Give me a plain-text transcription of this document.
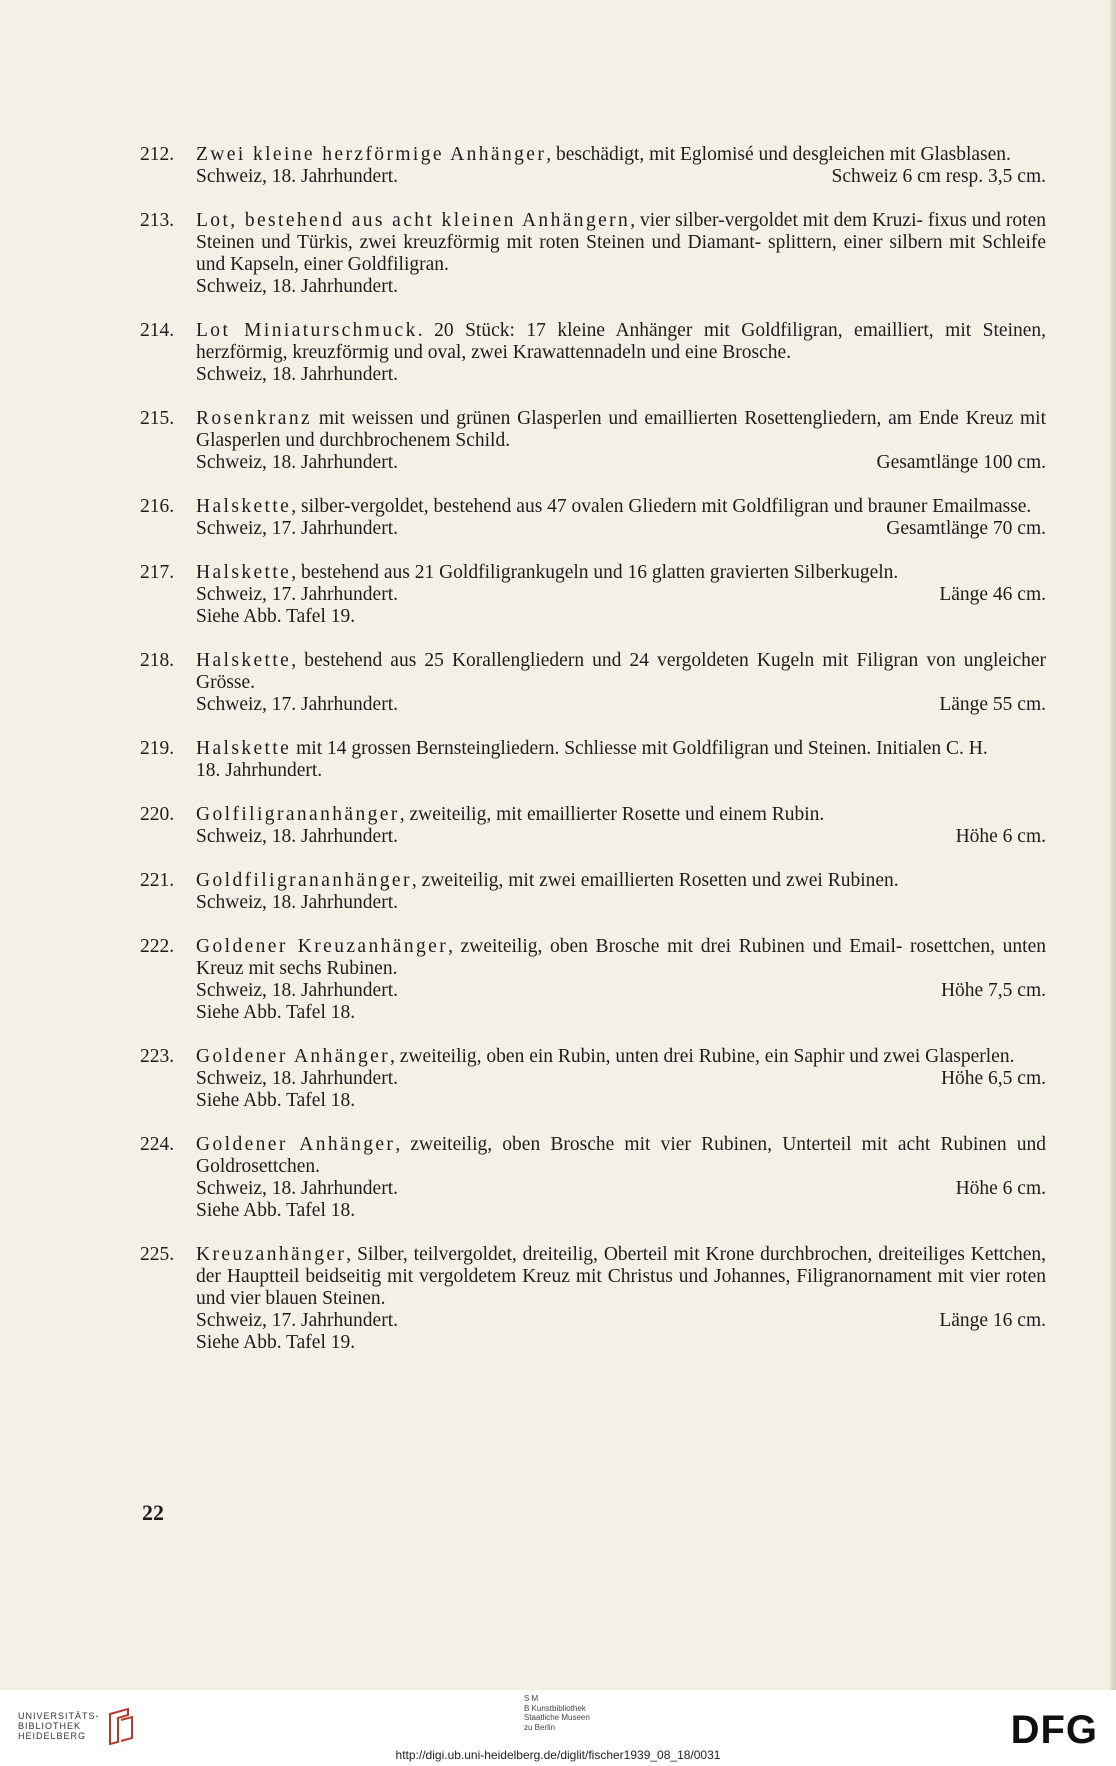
212. Zwei kleine herzförmige Anhänger, beschädigt, mit Eglomisé und desgleichen mit Glasblasen.
Schweiz, 18. Jahrhundert.	Schweiz 6 cm resp. 3,5 cm.
213. Lot, bestehend aus acht kleinen Anhängern, vier silber-vergoldet mit dem Kruzi- fixus und roten Steinen und Türkis, zwei kreuzförmig mit roten Steinen und Diamant- splittern, einer silbern mit Schleife und Kapseln, einer Goldfiligran.
Schweiz, 18. Jahrhundert.
214. Lot Miniaturschmuck. 20 Stück: 17 kleine Anhänger mit Goldfiligran, emailliert, mit Steinen, herzförmig, kreuzförmig und oval, zwei Krawattennadeln und eine Brosche.
Schweiz, 18. Jahrhundert.
215. Rosenkranz mit weissen und grünen Glasperlen und emaillierten Rosettengliedern, am Ende Kreuz mit Glasperlen und durchbrochenem Schild.
Schweiz, 18. Jahrhundert.	Gesamtlänge 100 cm.
216. Halskette, silber-vergoldet, bestehend aus 47 ovalen Gliedern mit Goldfiligran und brauner Emailmasse.
Schweiz, 17. Jahrhundert.	Gesamtlänge 70 cm.
217. Halskette, bestehend aus 21 Goldfiligrankugeln und 16 glatten gravierten Silberkugeln.
Schweiz, 17. Jahrhundert.	Länge 46 cm.
Siehe Abb. Tafel 19.
218. Halskette, bestehend aus 25 Korallengliedern und 24 vergoldeten Kugeln mit Filigran von ungleicher Grösse.
Schweiz, 17. Jahrhundert.	Länge 55 cm.
219. Halskette mit 14 grossen Bernsteingliedern. Schliesse mit Goldfiligran und Steinen. Initialen C. H.
18. Jahrhundert.
220. Golfiligrananhänger, zweiteilig, mit emaillierter Rosette und einem Rubin.
Schweiz, 18. Jahrhundert.	Höhe 6 cm.
221. Goldfiligrananhänger, zweiteilig, mit zwei emaillierten Rosetten und zwei Rubinen.
Schweiz, 18. Jahrhundert.
222. Goldener Kreuzanhänger, zweiteilig, oben Brosche mit drei Rubinen und Email- rosettchen, unten Kreuz mit sechs Rubinen.
Schweiz, 18. Jahrhundert.	Höhe 7,5 cm.
Siehe Abb. Tafel 18.
223. Goldener Anhänger, zweiteilig, oben ein Rubin, unten drei Rubine, ein Saphir und zwei Glasperlen.
Schweiz, 18. Jahrhundert.	Höhe 6,5 cm.
Siehe Abb. Tafel 18.
224. Goldener Anhänger, zweiteilig, oben Brosche mit vier Rubinen, Unterteil mit acht Rubinen und Goldrosettchen.
Schweiz, 18. Jahrhundert.	Höhe 6 cm.
Siehe Abb. Tafel 18.
225. Kreuzanhänger, Silber, teilvergoldet, dreiteilig, Oberteil mit Krone durchbrochen, dreiteiliges Kettchen, der Hauptteil beidseitig mit vergoldetem Kreuz mit Christus und Johannes, Filigranornament mit vier roten und vier blauen Steinen.
Schweiz, 17. Jahrhundert.	Länge 16 cm.
Siehe Abb. Tafel 19.
22
UNIVERSITÄTS-
BIBLIOTHEK
HEIDELBERG
S M
B Kunstbibliothek
Staatliche Museen
zu Berlin
http://digi.ub.uni-heidelberg.de/diglit/fischer1939_08_18/0031
DFG
